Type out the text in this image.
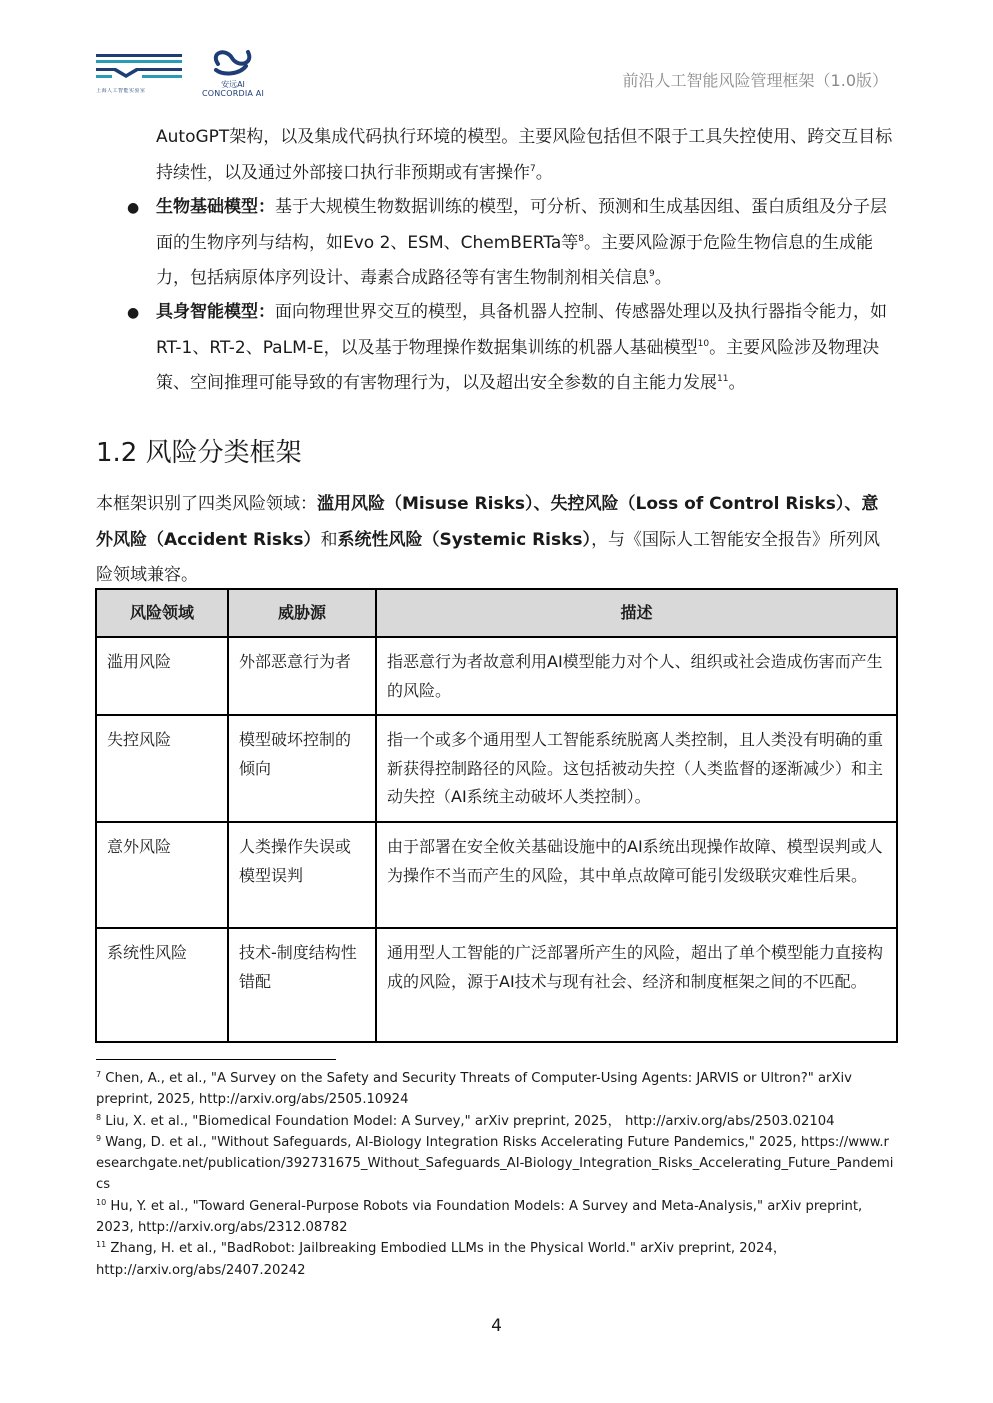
上海人工智能实验室
安远AI
CONCORDIA AI
前沿人工智能风险管理框架（1.0版）
AutoGPT架构，以及集成代码执行环境的模型。主要风险包括但不限于工具失控使用、跨交互目标持续性，以及通过外部接口执行非预期或有害操作$^7$。
● 生物基础模型：基于大规模生物数据训练的模型，可分析、预测和生成基因组、蛋白质组及分子层面的生物序列与结构，如Evo 2、ESM、ChemBERTa等$^8$。主要风险源于危险生物信息的生成能力，包括病原体序列设计、毒素合成路径等有害生物制剂相关信息$^9$。
● 具身智能模型：面向物理世界交互的模型，具备机器人控制、传感器处理以及执行器指令能力，如RT-1、RT-2、PaLM-E，以及基于物理操作数据集训练的机器人基础模型$^{10}$。主要风险涉及物理决策、空间推理可能导致的有害物理行为，以及超出安全参数的自主能力发展$^{11}$。
1.2 风险分类框架
本框架识别了四类风险领域：滥用风险（Misuse Risks）、失控风险（Loss of Control Risks）、意外风险（Accident Risks）和系统性风险（Systemic Risks），与《国际人工智能安全报告》所列风险领域兼容。
风险领域	威胁源	描述
滥用风险	外部恶意行为者	指恶意行为者故意利用AI模型能力对个人、组织或社会造成伤害而产生的风险。
失控风险	模型破坏控制的倾向	指一个或多个通用型人工智能系统脱离人类控制，且人类没有明确的重新获得控制路径的风险。这包括被动失控（人类监督的逐渐减少）和主动失控（AI系统主动破坏人类控制）。
意外风险	人类操作失误或模型误判	由于部署在安全攸关基础设施中的AI系统出现操作故障、模型误判或人为操作不当而产生的风险，其中单点故障可能引发级联灾难性后果。
系统性风险	技术-制度结构性错配	通用型人工智能的广泛部署所产生的风险，超出了单个模型能力直接构成的风险，源于AI技术与现有社会、经济和制度框架之间的不匹配。

$^7$ Chen, A., et al., "A Survey on the Safety and Security Threats of Computer-Using Agents: JARVIS or Ultron?" arXiv preprint, 2025, http://arxiv.org/abs/2505.10924

$^8$ Liu, X. et al., "Biomedical Foundation Model: A Survey," arXiv preprint, 2025， http://arxiv.org/abs/2503.02104

$^9$ Wang, D. et al., "Without Safeguards, AI-Biology Integration Risks Accelerating Future Pandemics," 2025, https://www.researchgate.net/publication/392731675_Without_Safeguards_AI-Biology_Integration_Risks_Accelerating_Future_Pandemics

$^{10}$ Hu, Y. et al., "Toward General-Purpose Robots via Foundation Models: A Survey and Meta-Analysis," arXiv preprint, 2023, http://arxiv.org/abs/2312.08782

$^{11}$ Zhang, H. et al., "BadRobot: Jailbreaking Embodied LLMs in the Physical World." arXiv preprint, 2024，http://arxiv.org/abs/2407.20242

4
